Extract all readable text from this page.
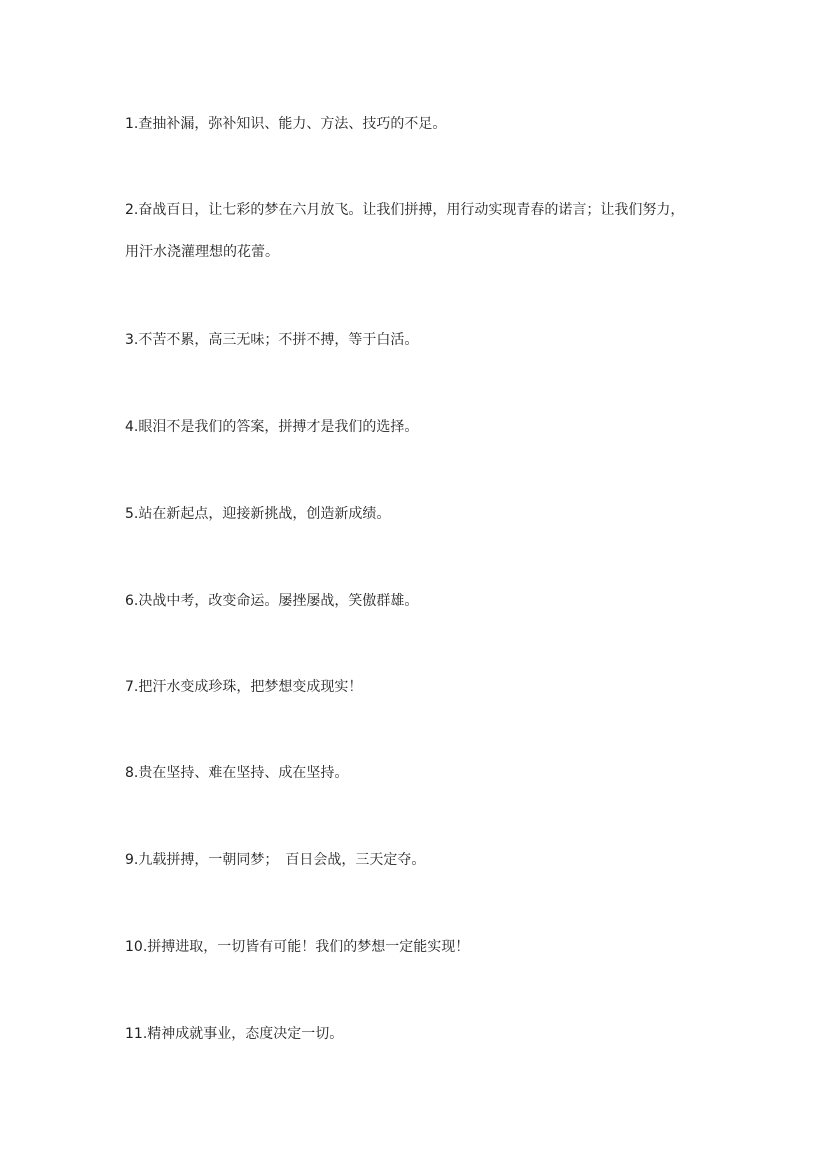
1.查抽补漏，弥补知识、能力、方法、技巧的不足。
2.奋战百日，让七彩的梦在六月放飞。让我们拼搏，用行动实现青春的诺言；让我们努力，
用汗水浇灌理想的花蕾。
3.不苦不累，高三无味；不拼不搏，等于白活。
4.眼泪不是我们的答案，拼搏才是我们的选择。
5.站在新起点，迎接新挑战，创造新成绩。
6.决战中考，改变命运。屡挫屡战，笑傲群雄。
7.把汗水变成珍珠，把梦想变成现实！
8.贵在坚持、难在坚持、成在坚持。
9.九载拼搏，一朝同梦；　百日会战，三天定夺。
10.拼搏进取，一切皆有可能！我们的梦想一定能实现！
11.精神成就事业，态度决定一切。
